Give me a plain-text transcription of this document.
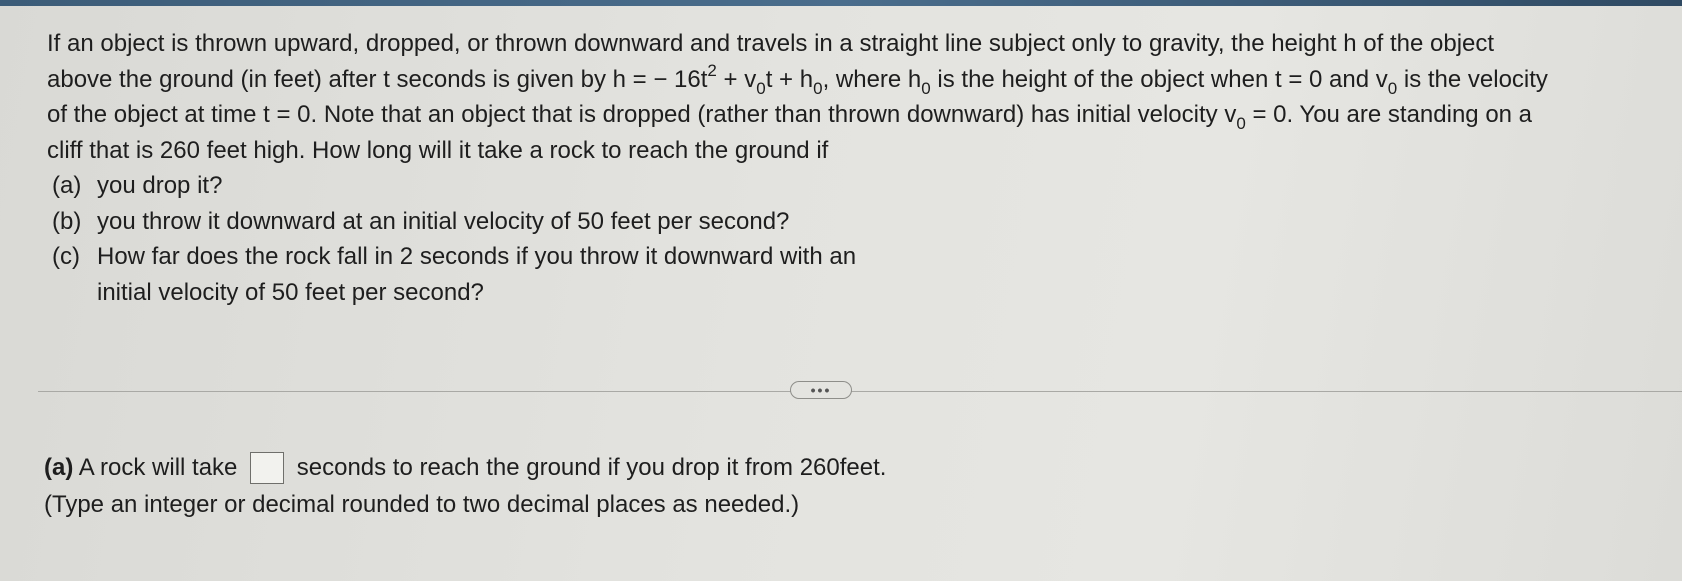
If an object is thrown upward, dropped, or thrown downward and travels in a straight line subject only to gravity, the height h of the object

above the ground (in feet) after t seconds is given by h = − $16t^2 + v_0t + h_0$, where $h_0$ is the height of the object when t = 0 and $v_0$ is the velocity

of the object at time t = 0. Note that an object that is dropped (rather than thrown downward) has initial velocity $v_0 = 0$. You are standing on a

cliff that is 260 feet high. How long will it take a rock to reach the ground if

(a) you drop it?
(b) you throw it downward at an initial velocity of 50 feet per second?
(c) How far does the rock fall in 2 seconds if you throw it downward with an
initial velocity of 50 feet per second?
•••

(a) A rock will take  seconds to reach the ground if you drop it from 260feet.

(Type an integer or decimal rounded to two decimal places as needed.)
